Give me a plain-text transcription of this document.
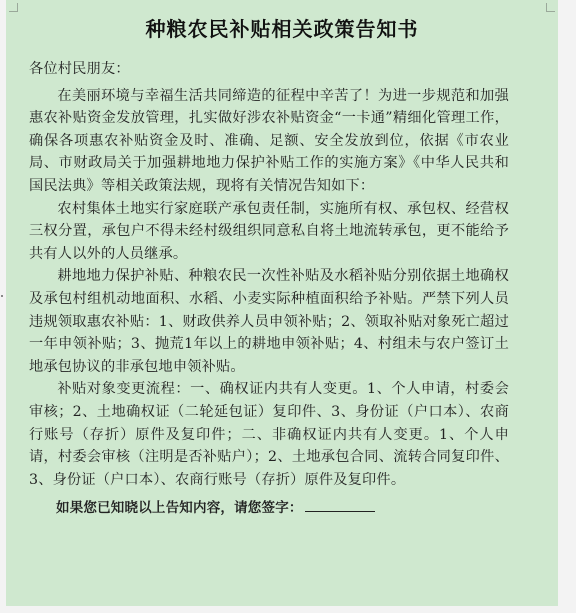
种粮农民补贴相关政策告知书
各位村民朋友：

在美丽环境与幸福生活共同缔造的征程中辛苦了！为进一步规范和加强惠农补贴资金发放管理，扎实做好涉农补贴资金“一卡通”精细化管理工作，确保各项惠农补贴资金及时、准确、足额、安全发放到位，依据《市农业局、市财政局关于加强耕地地力保护补贴工作的实施方案》《中华人民共和国民法典》等相关政策法规，现将有关情况告知如下：

农村集体土地实行家庭联产承包责任制，实施所有权、承包权、经营权三权分置，承包户不得未经村级组织同意私自将土地流转承包，更不能给予共有人以外的人员继承。

耕地地力保护补贴、种粮农民一次性补贴及水稻补贴分别依据土地确权及承包村组机动地面积、水稻、小麦实际种植面积给予补贴。严禁下列人员违规领取惠农补贴：1、财政供养人员申领补贴；2、领取补贴对象死亡超过一年申领补贴；3、抛荒1年以上的耕地申领补贴；4、村组未与农户签订土地承包协议的非承包地申领补贴。

补贴对象变更流程：一、确权证内共有人变更。1、个人申请，村委会审核；2、土地确权证（二轮延包证）复印件、3、身份证（户口本）、农商行账号（存折）原件及复印件；二、非确权证内共有人变更。1、个人申请，村委会审核（注明是否补贴户）；2、土地承包合同、流转合同复印件、3、身份证（户口本）、农商行账号（存折）原件及复印件。

如果您已知晓以上告知内容，请您签字：
